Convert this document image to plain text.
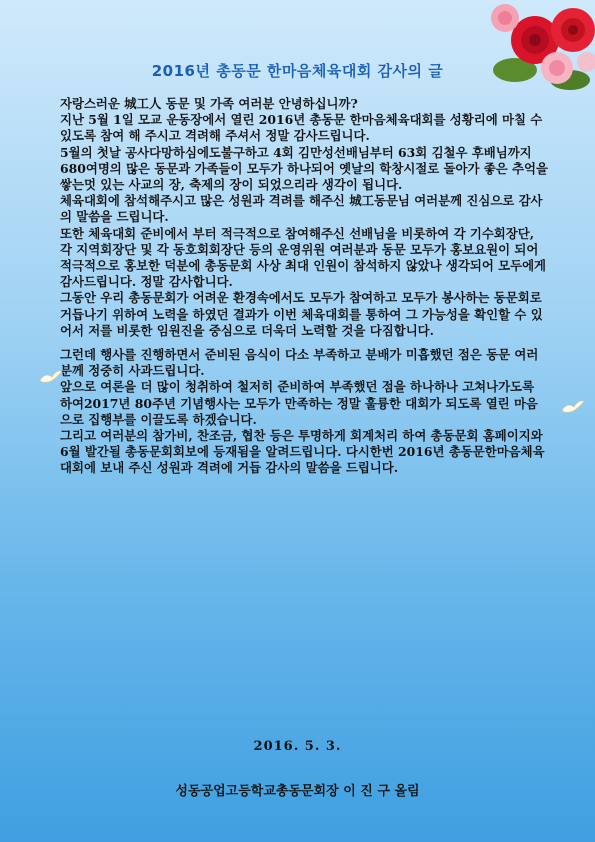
2016년 총동문 한마음체육대회 감사의 글

자랑스러운 城工人 동문 및 가족 여러분 안녕하십니까?

지난 5월 1일 모교 운동장에서 열린 2016년 총동문 한마음체육대회를 성황리에 마칠 수 있도록 참여 해 주시고 격려해 주셔서 정말 감사드립니다.

5월의 첫날 공사다망하심에도불구하고 4회 김만성선배님부터 63회 김철우 후배님까지 680여명의 많은 동문과 가족들이 모두가 하나되어 옛날의 학창시절로 돌아가 좋은 추억을 쌓는멋 있는 사교의 장, 축제의 장이 되었으리라 생각이 됩니다.

체육대회에 참석해주시고 많은 성원과 격려를 해주신 城工동문님 여러분께 진심으로 감사의 말씀을 드립니다.

또한 체육대회 준비에서 부터 적극적으로 참여해주신 선배님을 비롯하여 각 기수회장단, 각 지역회장단 및 각 동호회회장단 등의 운영위원 여러분과 동문 모두가 홍보요원이 되어 적극적으로 홍보한 덕분에 총동문회 사상 최대 인원이 참석하지 않았나 생각되어 모두에게 감사드립니다. 정말 감사합니다.

그동안 우리 총동문회가 어려운 환경속에서도 모두가 참여하고 모두가 봉사하는 동문회로 거듭나기 위하여 노력을 하였던 결과가 이번 체육대회를 통하여 그 가능성을 확인할 수 있어서 저를 비롯한 임원진을 중심으로 더욱더 노력할 것을 다짐합니다.

그런데 행사를 진행하면서 준비된 음식이 다소 부족하고 분배가 미흡했던 점은 동문 여러분께 정중히 사과드립니다.

앞으로 여론을 더 많이 청취하여 철저히 준비하여 부족했던 점을 하나하나 고쳐나가도록 하여2017년 80주년 기념행사는 모두가 만족하는 정말 훌륭한 대회가 되도록 열린 마음 으로 집행부를 이끌도록 하겠습니다.

그리고 여러분의 참가비, 찬조금, 협찬 등은 투명하게 회계처리 하여 총동문회 홈페이지와 6월 발간될 총동문회회보에 등재됨을 알려드립니다. 다시한번 2016년 총동문한마음체육대회에 보내 주신 성원과 격려에 거듭 감사의 말씀을 드립니다.

2016. 5. 3.
성동공업고등학교총동문회장 이 진 구 올림
